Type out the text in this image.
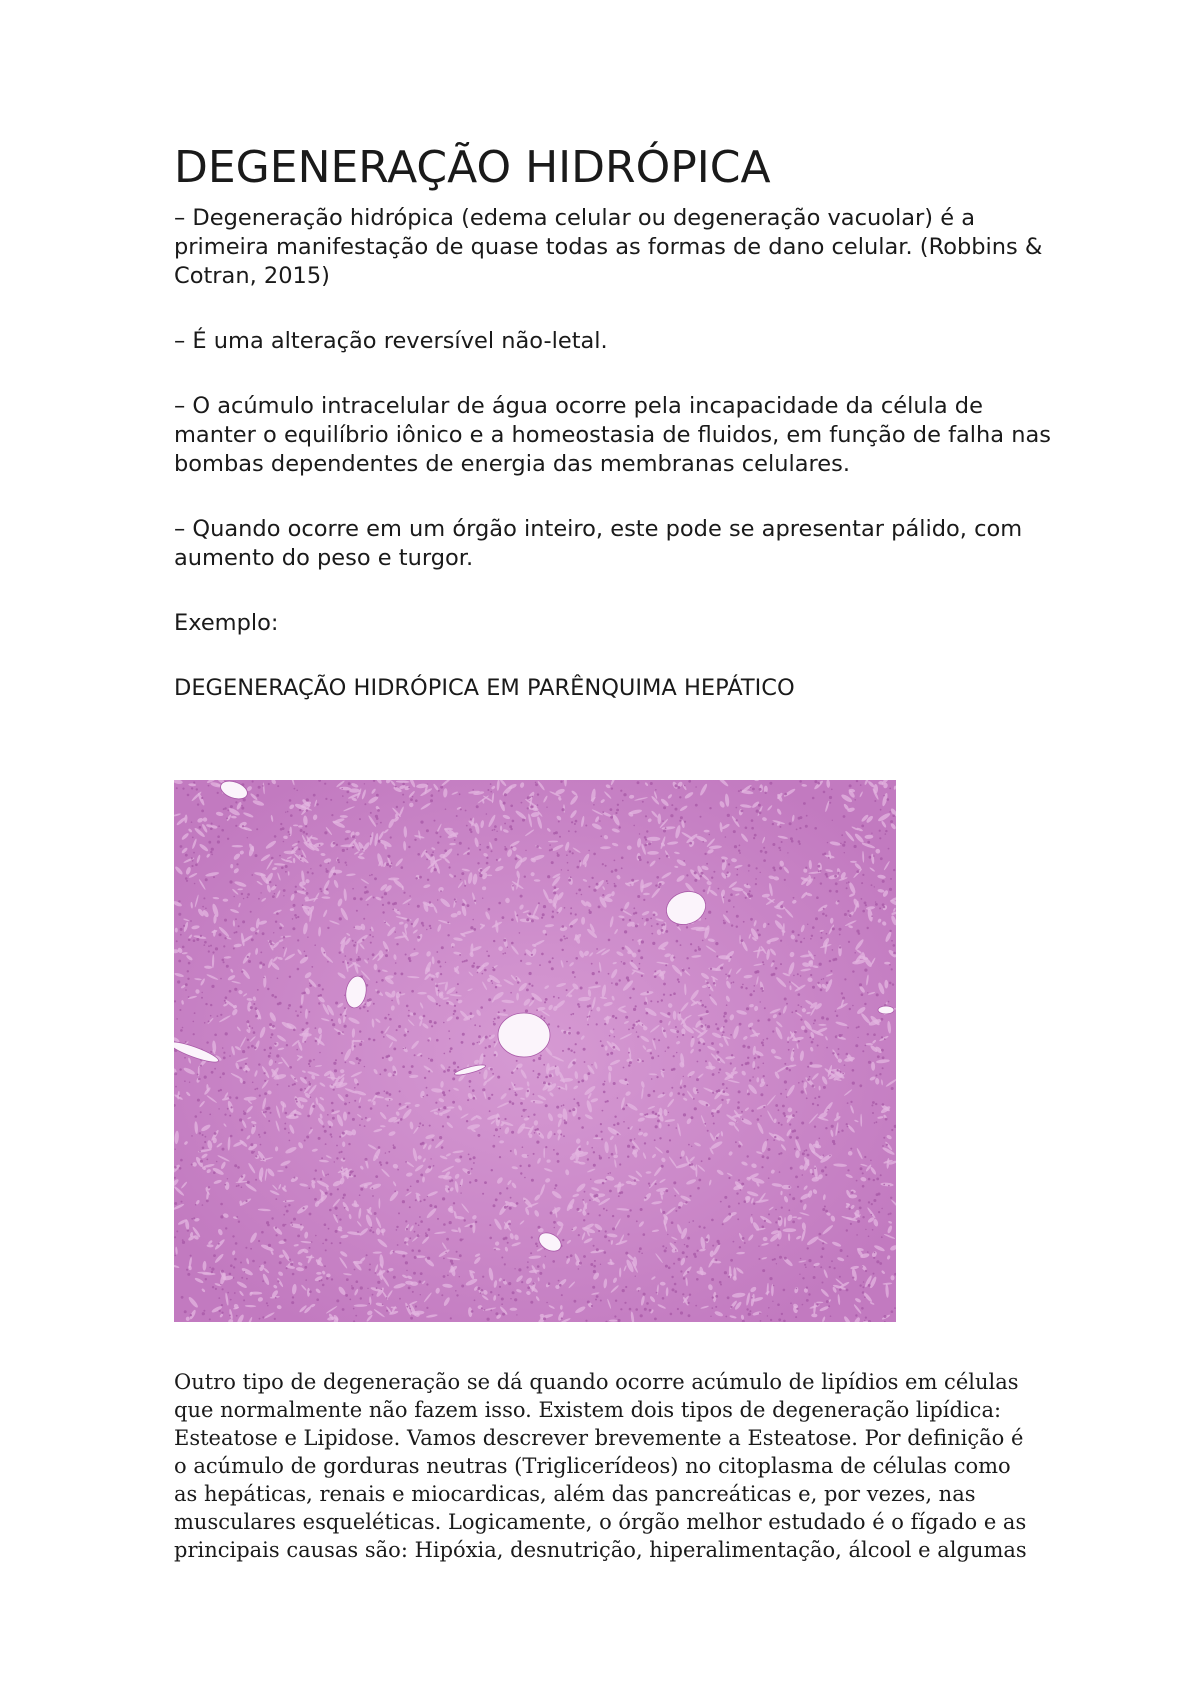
DEGENERAÇÃO HIDRÓPICA

– Degeneração hidrópica (edema celular ou degeneração vacuolar) é a primeira manifestação de quase todas as formas de dano celular. (Robbins & Cotran, 2015)

– É uma alteração reversível não-letal.

– O acúmulo intracelular de água ocorre pela incapacidade da célula de manter o equilíbrio iônico e a homeostasia de fluidos, em função de falha nas bombas dependentes de energia das membranas celulares.

– Quando ocorre em um órgão inteiro, este pode se apresentar pálido, com aumento do peso e turgor.

Exemplo:

DEGENERAÇÃO HIDRÓPICA EM PARÊNQUIMA HEPÁTICO

Outro tipo de degeneração se dá quando ocorre acúmulo de lipídios em células
que normalmente não fazem isso. Existem dois tipos de degeneração lipídica:
Esteatose e Lipidose. Vamos descrever brevemente a Esteatose. Por definição é
o acúmulo de gorduras neutras (Triglicerídeos) no citoplasma de células como
as hepáticas, renais e miocardicas, além das pancreáticas e, por vezes, nas
musculares esqueléticas. Logicamente, o órgão melhor estudado é o fígado e as
principais causas são: Hipóxia, desnutrição, hiperalimentação, álcool e algumas
